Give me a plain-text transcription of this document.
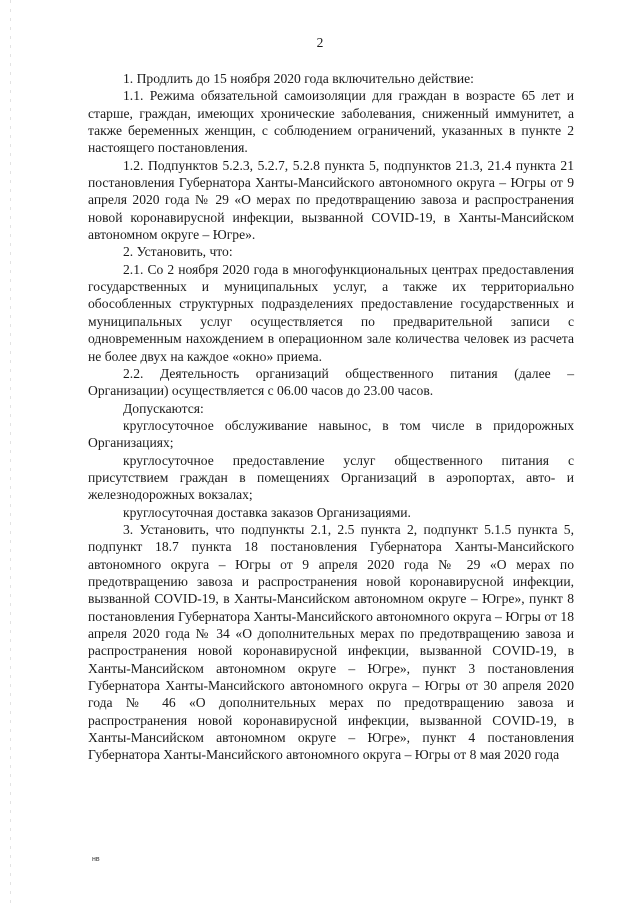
2

1. Продлить до 15 ноября 2020 года включительно действие:

1.1. Режима обязательной самоизоляции для граждан в возрасте 65 лет и старше, граждан, имеющих хронические заболевания, сниженный иммунитет, а также беременных женщин, с соблюдением ограничений, указанных в пункте 2 настоящего постановления.

1.2. Подпунктов 5.2.3, 5.2.7, 5.2.8 пункта 5, подпунктов 21.3, 21.4 пункта 21 постановления Губернатора Ханты-Мансийского автономного округа – Югры от 9 апреля 2020 года № 29 «О мерах по предотвращению завоза и распространения новой коронавирусной инфекции, вызванной COVID-19, в Ханты-Мансийском автономном округе – Югре».

2. Установить, что:

2.1. Со 2 ноября 2020 года в многофункциональных центрах предоставления государственных и муниципальных услуг, а также их территориально обособленных структурных подразделениях предоставление государственных и муниципальных услуг осуществляется по предварительной записи с одновременным нахождением в операционном зале количества человек из расчета не более двух на каждое «окно» приема.

2.2. Деятельность организаций общественного питания (далее – Организации) осуществляется с 06.00 часов до 23.00 часов.

Допускаются:

круглосуточное обслуживание навынос, в том числе в придорожных Организациях;

круглосуточное предоставление услуг общественного питания с присутствием граждан в помещениях Организаций в аэропортах, авто- и железнодорожных вокзалах;

круглосуточная доставка заказов Организациями.

3. Установить, что подпункты 2.1, 2.5 пункта 2, подпункт 5.1.5 пункта 5, подпункт 18.7 пункта 18 постановления Губернатора Ханты-Мансийского автономного округа – Югры от 9 апреля 2020 года № 29 «О мерах по предотвращению завоза и распространения новой коронавирусной инфекции, вызванной COVID-19, в Ханты-Мансийском автономном округе – Югре», пункт 8 постановления Губернатора Ханты-Мансийского автономного округа – Югры от 18 апреля 2020 года № 34 «О дополнительных мерах по предотвращению завоза и распространения новой коронавирусной инфекции, вызванной COVID-19, в Ханты-Мансийском автономном округе – Югре», пункт 3 постановления Губернатора Ханты-Мансийского автономного округа – Югры от 30 апреля 2020 года № 46 «О дополнительных мерах по предотвращению завоза и распространения новой коронавирусной инфекции, вызванной COVID-19, в Ханты-Мансийском автономном округе – Югре», пункт 4 постановления Губернатора Ханты-Мансийского автономного округа – Югры от 8 мая 2020 года

нв
